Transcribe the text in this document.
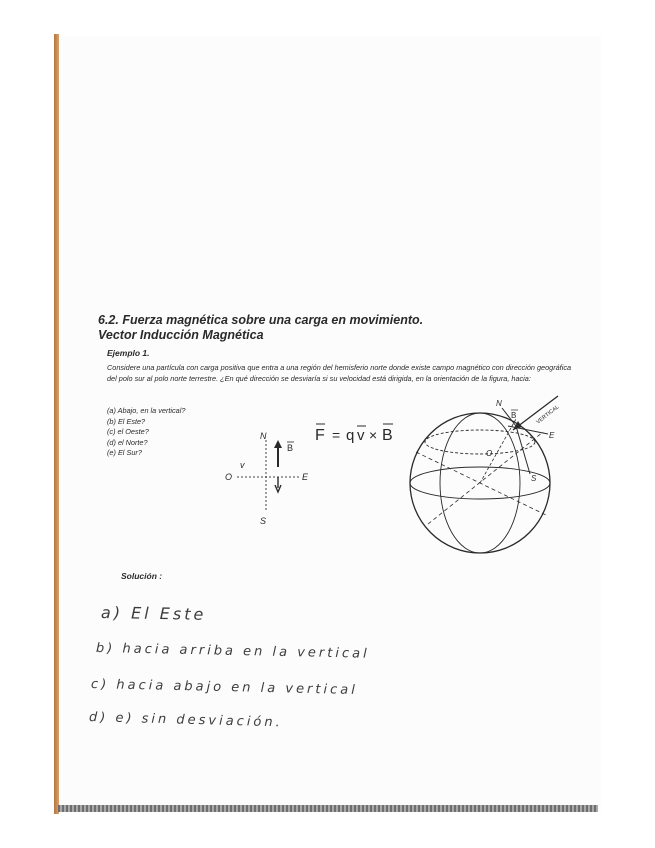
6.2. Fuerza magnética sobre una carga en movimiento.
Vector Inducción Magnética
Ejemplo 1.

Considere una partícula con carga positiva que entra a una región del hemisferio norte donde existe campo magnético con dirección geográfica del polo sur al polo norte terrestre. ¿En qué dirección se desviaría si su velocidad está dirigida, en la orientación de la figura, hacia:

(a) Abajo, en la vertical?
(b) El Este?
(c) el Oeste?
(d) el Norte?
(e) El Sur?
N
S
E
O
B
v
F = q v × B
VERTICAL
N
B
E
O
S
Solución :
a) El Este
b) hacia arriba en la vertical
c) hacia abajo en la vertical
d) e) sin desviación.
